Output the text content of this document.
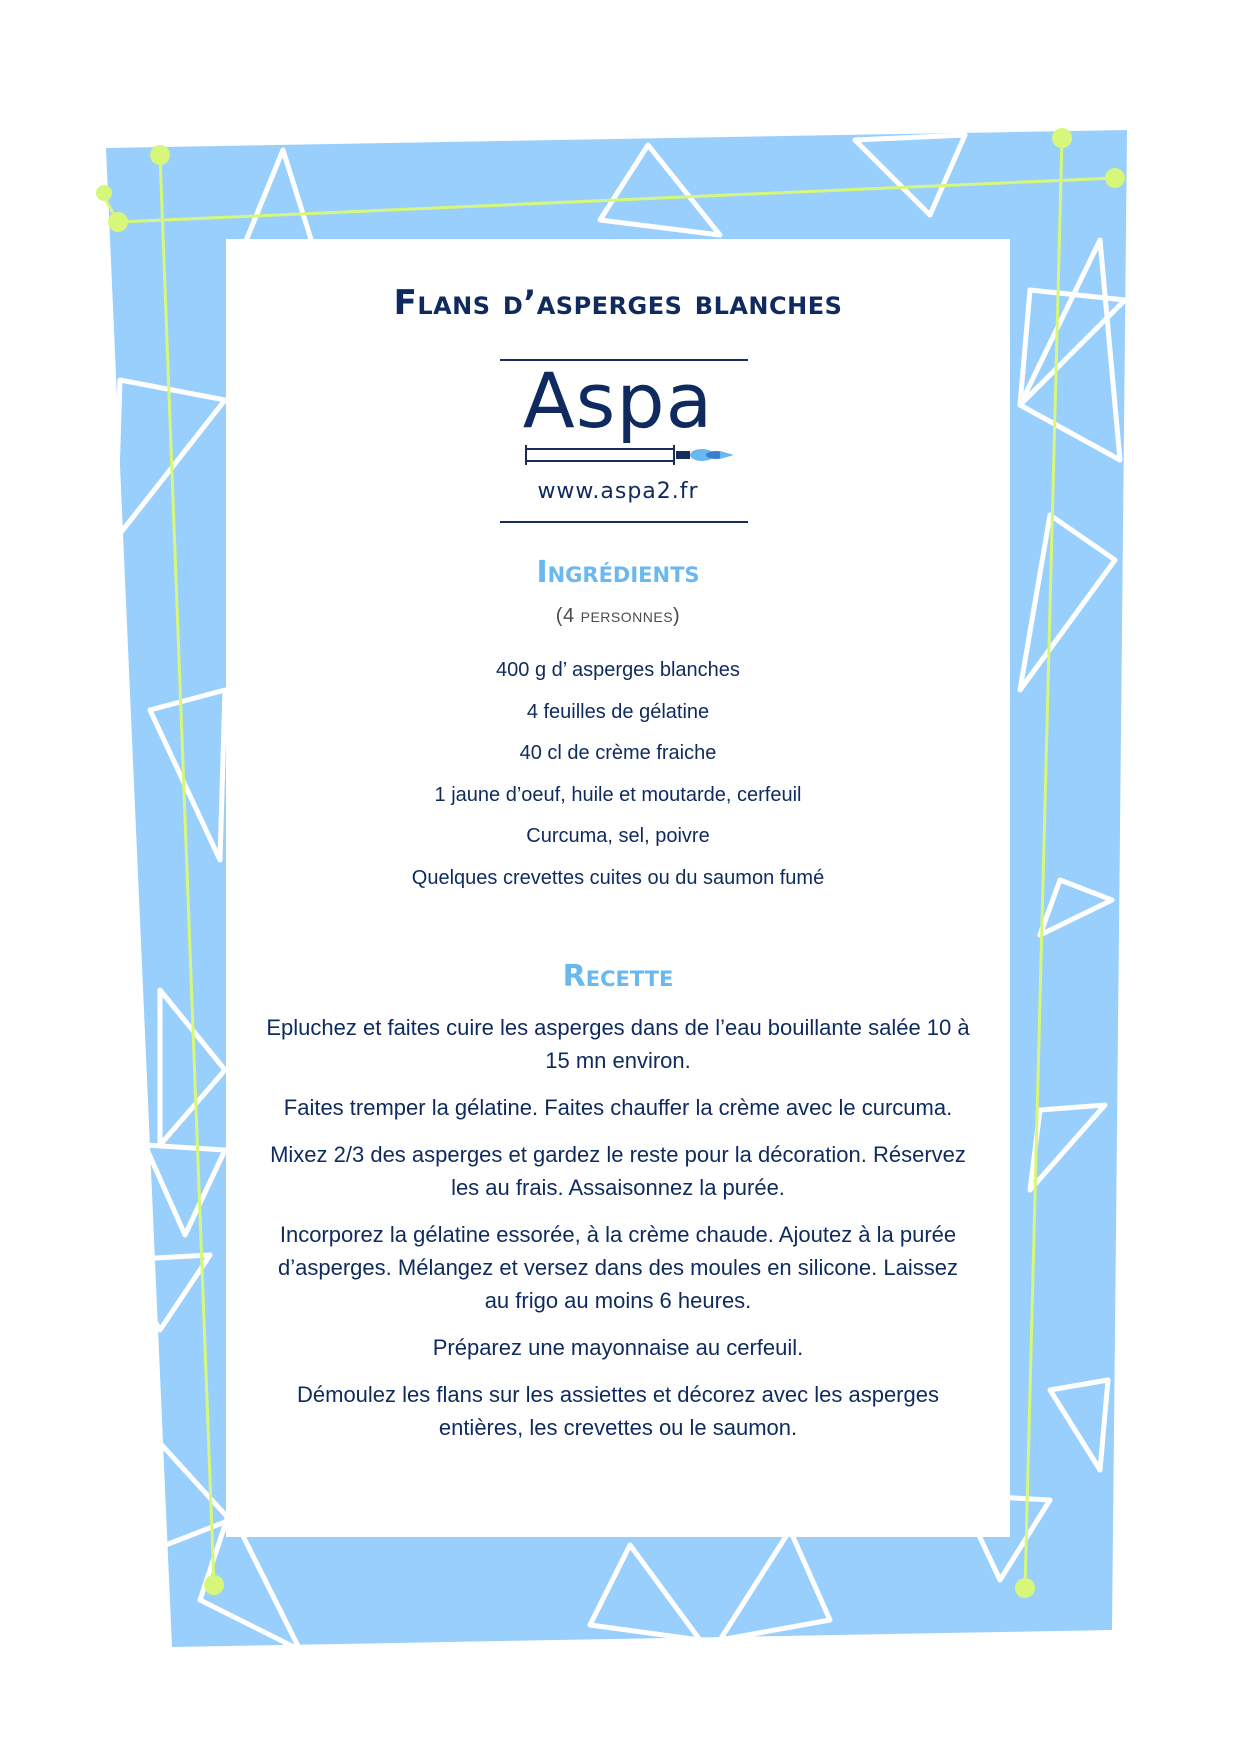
Flans d’asperges blanches
Aspa
www.aspa2.fr
Ingrédients
(4 personnes)
400 g d’ asperges blanches
4 feuilles de gélatine
40 cl de crème fraiche
1 jaune d’oeuf, huile et moutarde, cerfeuil
Curcuma, sel, poivre
Quelques crevettes cuites ou du saumon fumé
Recette

Epluchez et faites cuire les asperges dans de l’eau bouillante salée 10 à 15 mn environ.

Faites tremper la gélatine. Faites chauffer la crème avec le curcuma.

Mixez 2/3 des asperges et gardez le reste pour la décoration. Réservez les au frais. Assaisonnez la purée.

Incorporez la gélatine essorée, à la crème chaude. Ajoutez à la purée d’asperges. Mélangez et versez dans des moules en silicone. Laissez au frigo au moins 6 heures.

Préparez une mayonnaise au cerfeuil.

Démoulez les flans sur les assiettes et décorez avec les asperges entières, les crevettes ou le saumon.
